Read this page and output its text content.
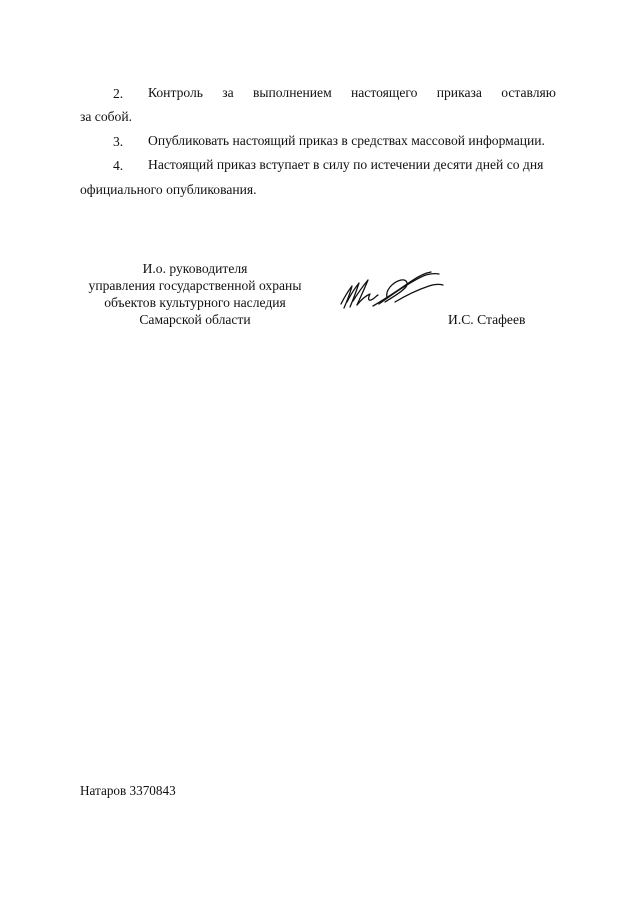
2. Контроль за выполнением настоящего приказа оставляю
за собой.
3. Опубликовать настоящий приказ в средствах массовой информации.
4. Настоящий приказ вступает в силу по истечении десяти дней со дня
официального опубликования.
И.о. руководителя
управления государственной охраны
объектов культурного наследия
Самарской области	И.С. Стафеев
Натаров 3370843
